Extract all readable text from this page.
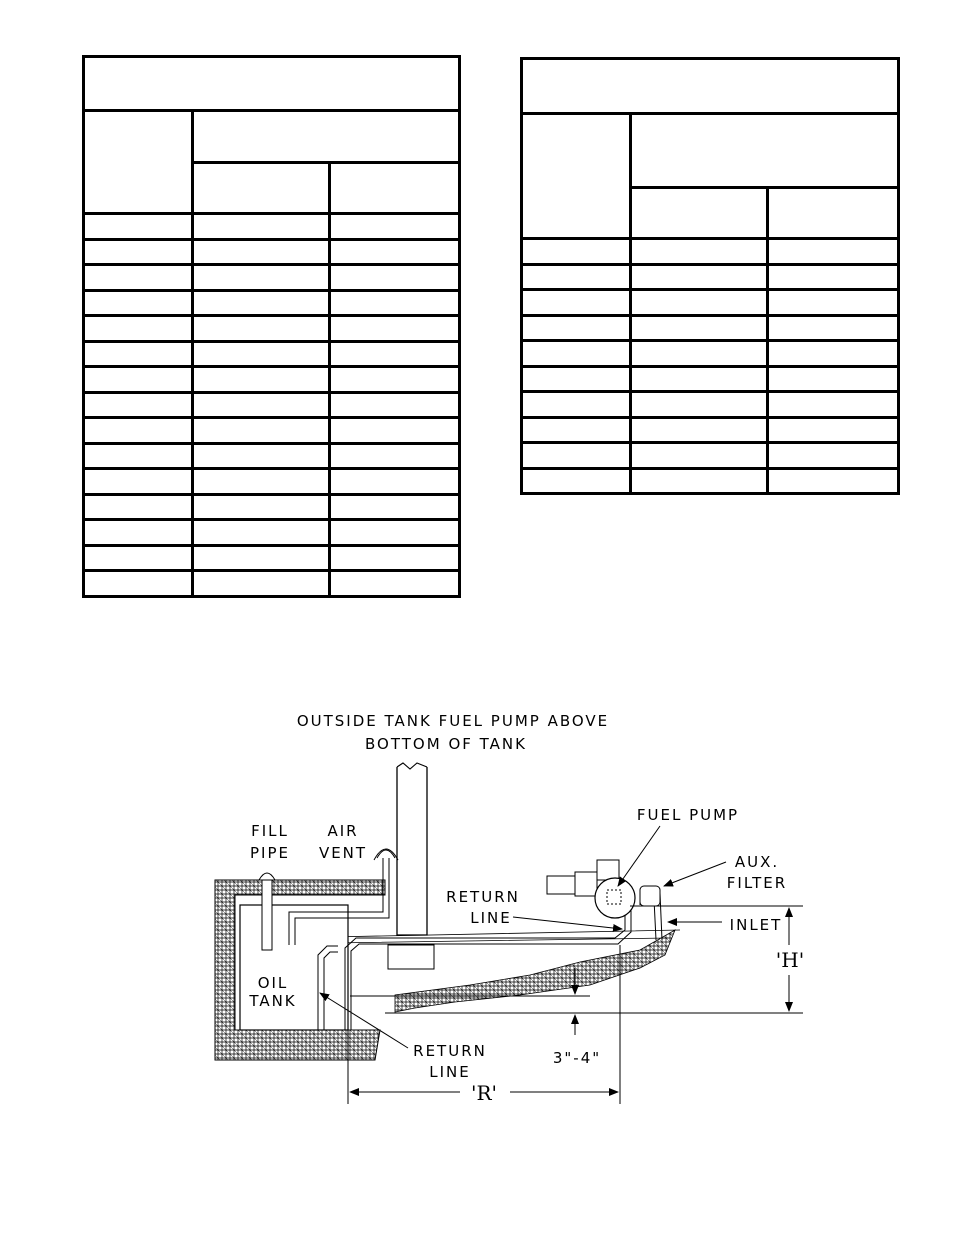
OUTSIDE TANK FUEL PUMP ABOVE
BOTTOM OF TANK
OIL
TANK
FILL
PIPE
AIR
VENT
FUEL PUMP
AUX.
FILTER
RETURN
LINE	INLET
'H'
3"-4"
RETURN
LINE
'R'
